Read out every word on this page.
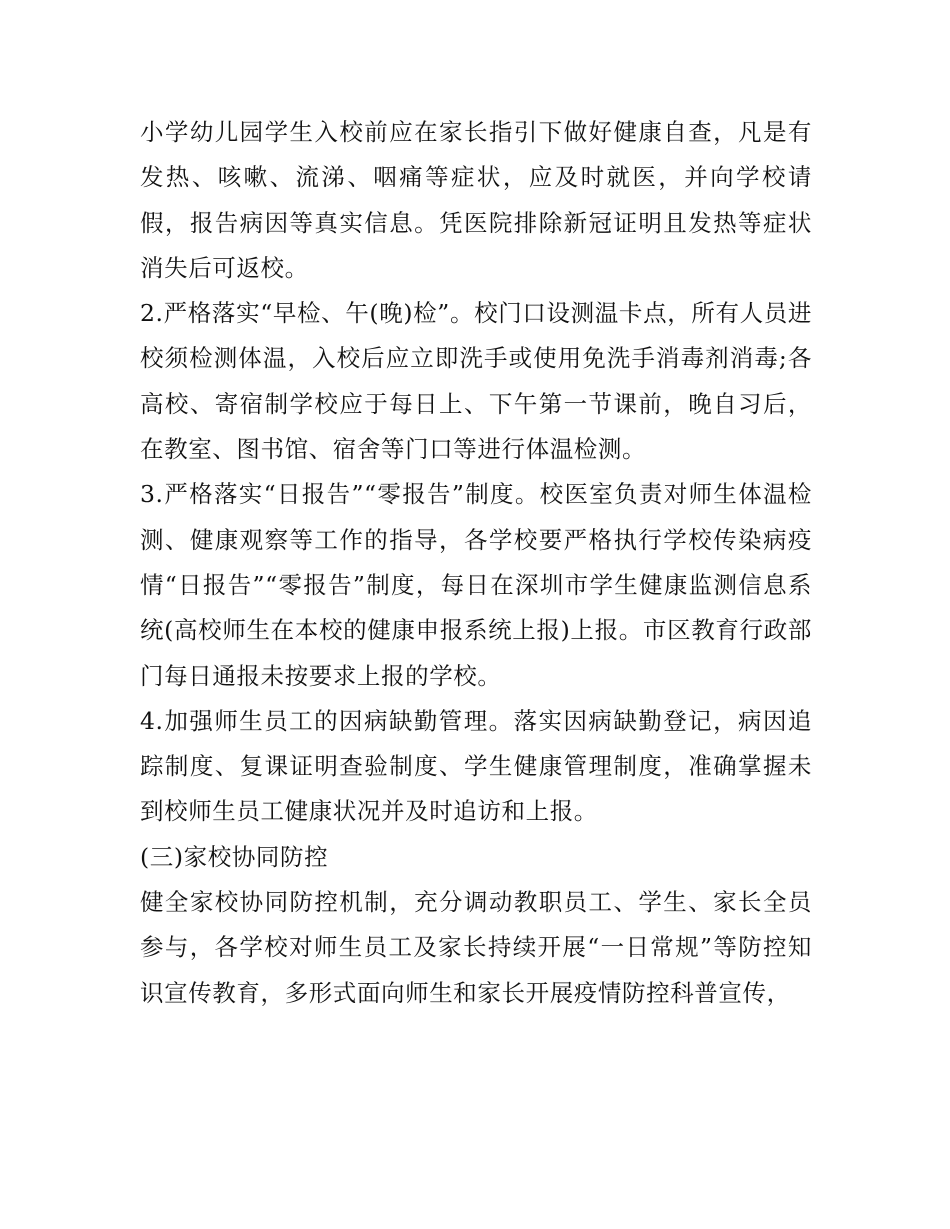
小学幼儿园学生入校前应在家长指引下做好健康自查，凡是有发热、咳嗽、流涕、咽痛等症状，应及时就医，并向学校请假，报告病因等真实信息。凭医院排除新冠证明且发热等症状消失后可返校。

2.严格落实“早检、午(晚)检”。校门口设测温卡点，所有人员进校须检测体温，入校后应立即洗手或使用免洗手消毒剂消毒;各高校、寄宿制学校应于每日上、下午第一节课前，晚自习后，在教室、图书馆、宿舍等门口等进行体温检测。

3.严格落实“日报告”“零报告”制度。校医室负责对师生体温检测、健康观察等工作的指导，各学校要严格执行学校传染病疫情“日报告”“零报告”制度，每日在深圳市学生健康监测信息系统(高校师生在本校的健康申报系统上报)上报。市区教育行政部门每日通报未按要求上报的学校。

4.加强师生员工的因病缺勤管理。落实因病缺勤登记，病因追踪制度、复课证明查验制度、学生健康管理制度，准确掌握未到校师生员工健康状况并及时追访和上报。

(三)家校协同防控

健全家校协同防控机制，充分调动教职员工、学生、家长全员参与，各学校对师生员工及家长持续开展“一日常规”等防控知识宣传教育，多形式面向师生和家长开展疫情防控科普宣传，
